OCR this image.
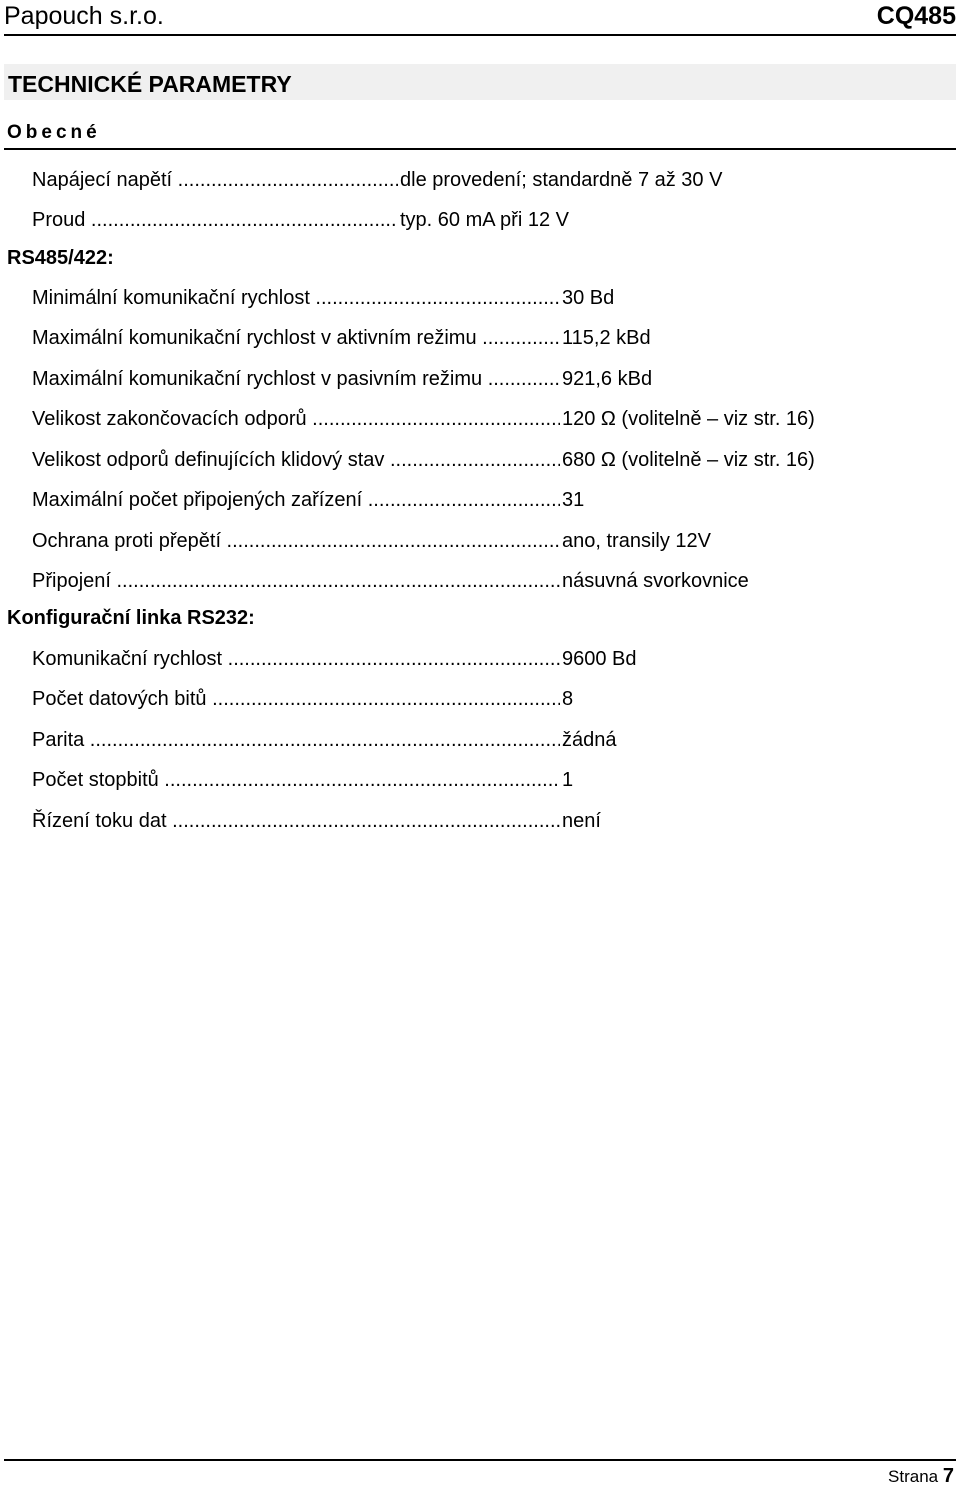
Papouch s.r.o.	CQ485
TECHNICKÉ PARAMETRY
Obecné
Napájecí napětí .....	dle provedení; standardně 7 až 30 V
Proud .....	typ. 60 mA při 12 V
RS485/422:
Minimální komunikační rychlost .....	30 Bd
Maximální komunikační rychlost v aktivním režimu .....	115,2 kBd
Maximální komunikační rychlost v pasivním režimu .....	921,6 kBd
Velikost zakončovacích odporů .....	120 Ω (volitelně – viz str. 16)
Velikost odporů definujících klidový stav .....	680 Ω (volitelně – viz str. 16)
Maximální počet připojených zařízení .....	31
Ochrana proti přepětí .....	ano, transily 12V
Připojení .....	násuvná svorkovnice
Konfigurační linka RS232:
Komunikační rychlost .....	9600 Bd
Počet datových bitů .....	8
Parita .....	žádná
Počet stopbitů .....	1
Řízení toku dat .....	není
Strana 7
